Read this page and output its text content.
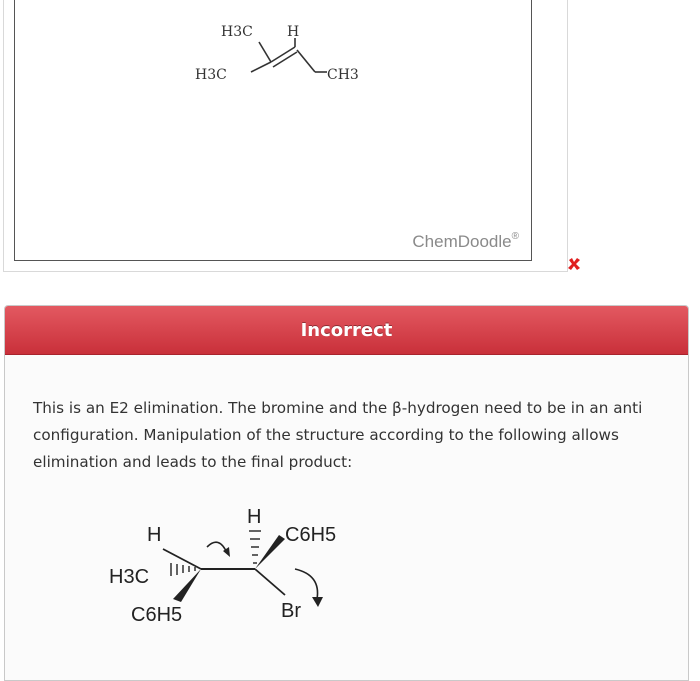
H3C H
H3C	CH3
ChemDoodle®
Incorrect
This is an E2 elimination. The bromine and the β-hydrogen need to be in an anti configuration. Manipulation of the structure according to the following allows elimination and leads to the final product:
H
H3C
C6H5
H
C6H5
Br
